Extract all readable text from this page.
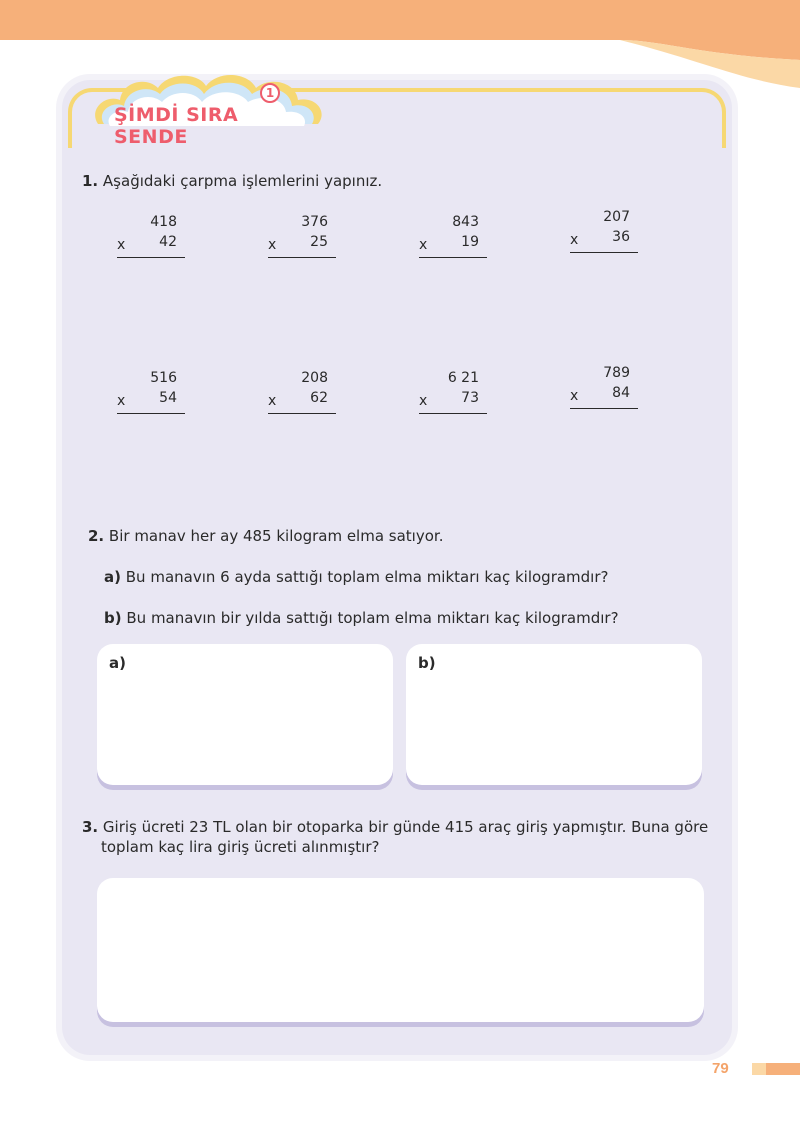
1
ŞİMDİ SIRA SENDE
1. Aşağıdaki çarpma işlemlerini yapınız.
418
x 42
376
x 25
843
x 19
207
x 36
516
x 54
208
x 62
6 21
x 73
789
x 84
2. Bir manav her ay 485 kilogram elma satıyor.
a) Bu manavın 6 ayda sattığı toplam elma miktarı kaç kilogramdır?
b) Bu manavın bir yılda sattığı toplam elma miktarı kaç kilogramdır?
a)	b)
3. Giriş ücreti 23 TL olan bir otoparka bir günde 415 araç giriş yapmıştır. Buna göre
toplam kaç lira giriş ücreti alınmıştır?
79
